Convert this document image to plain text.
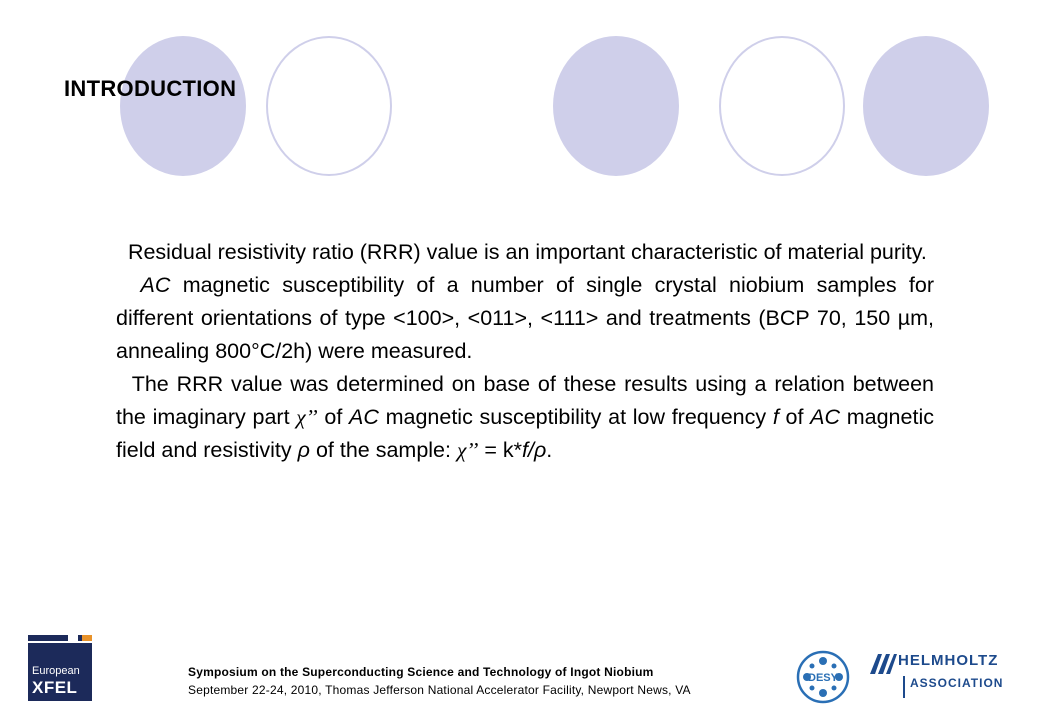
INTRODUCTION

Residual resistivity ratio (RRR) value is an important characteristic of material purity.

AC magnetic susceptibility of a number of single crystal niobium samples for different orientations of type <100>, <011>, <111> and treatments (BCP 70, 150 µm, annealing 800°C/2h) were measured.

The RRR value was determined on base of these results using a relation between the imaginary part χ’’ of AC magnetic susceptibility at low frequency f of AC magnetic field and resistivity ρ of the sample: χ’’ = k*f/ρ.

European
XFEL
Symposium on the Superconducting Science and Technology of Ingot Niobium
September 22-24, 2010, Thomas Jefferson National Accelerator Facility, Newport News, VA
DESY
HELMHOLTZ
ASSOCIATION
